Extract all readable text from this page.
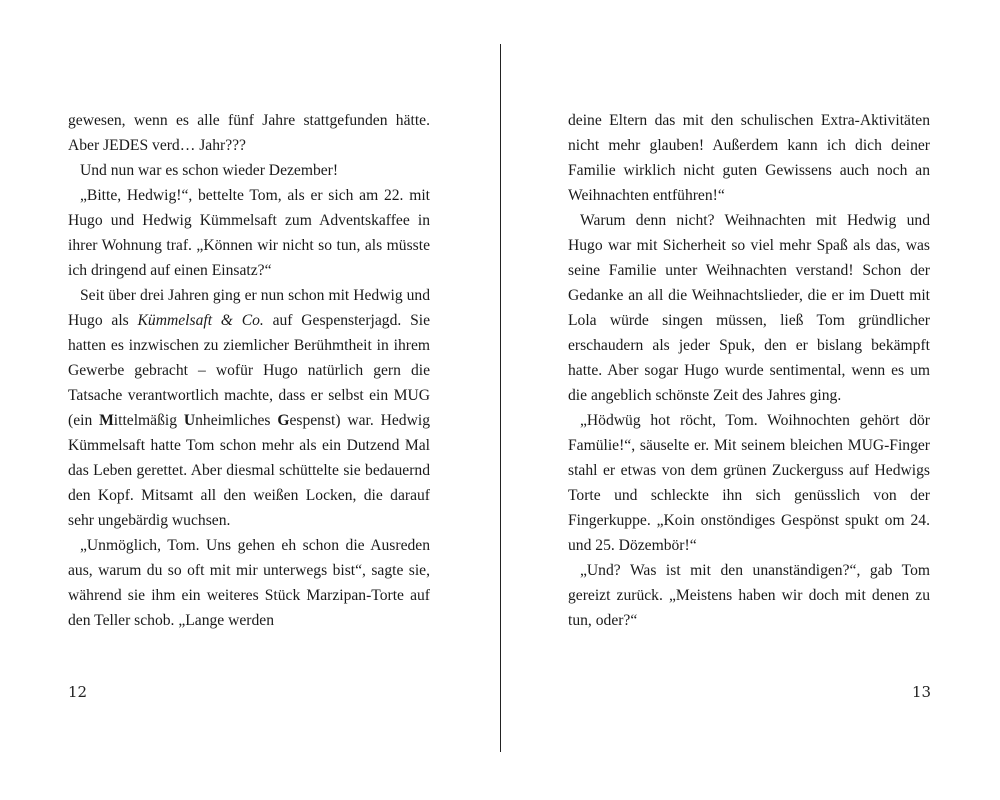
gewesen, wenn es alle fünf Jahre stattgefunden hätte. Aber JEDES verd… Jahr???

Und nun war es schon wieder Dezember!

„Bitte, Hedwig!“, bettelte Tom, als er sich am 22. mit Hugo und Hedwig Kümmelsaft zum Adventskaffee in ihrer Wohnung traf. „Können wir nicht so tun, als müsste ich dringend auf einen Einsatz?“

Seit über drei Jahren ging er nun schon mit Hedwig und Hugo als Kümmelsaft & Co. auf Gespensterjagd. Sie hatten es inzwischen zu ziemlicher Berühmtheit in ihrem Gewerbe gebracht – wofür Hugo natürlich gern die Tatsache verantwortlich machte, dass er selbst ein MUG (ein Mittelmäßig Unheimliches Gespenst) war. Hedwig Kümmelsaft hatte Tom schon mehr als ein Dutzend Mal das Leben gerettet. Aber diesmal schüttelte sie bedauernd den Kopf. Mitsamt all den weißen Locken, die darauf sehr ungebärdig wuchsen.

„Unmöglich, Tom. Uns gehen eh schon die Ausreden aus, warum du so oft mit mir unterwegs bist“, sagte sie, während sie ihm ein weiteres Stück Marzipan-Torte auf den Teller schob. „Lange werden

deine Eltern das mit den schulischen Extra-Aktivitäten nicht mehr glauben! Außerdem kann ich dich deiner Familie wirklich nicht guten Gewissens auch noch an Weihnachten entführen!“

Warum denn nicht? Weihnachten mit Hedwig und Hugo war mit Sicherheit so viel mehr Spaß als das, was seine Familie unter Weihnachten verstand! Schon der Gedanke an all die Weihnachtslieder, die er im Duett mit Lola würde singen müssen, ließ Tom gründlicher erschaudern als jeder Spuk, den er bislang bekämpft hatte. Aber sogar Hugo wurde sentimental, wenn es um die angeblich schönste Zeit des Jahres ging.

„Hödwüg hot röcht, Tom. Woihnochten gehört dör Famülie!“, säuselte er. Mit seinem bleichen MUG-Finger stahl er etwas von dem grünen Zuckerguss auf Hedwigs Torte und schleckte ihn sich genüsslich von der Fingerkuppe. „Koin onstöndiges Gespönst spukt om 24. und 25. Dözembör!“

„Und? Was ist mit den unanständigen?“, gab Tom gereizt zurück. „Meistens haben wir doch mit denen zu tun, oder?“

12	13
